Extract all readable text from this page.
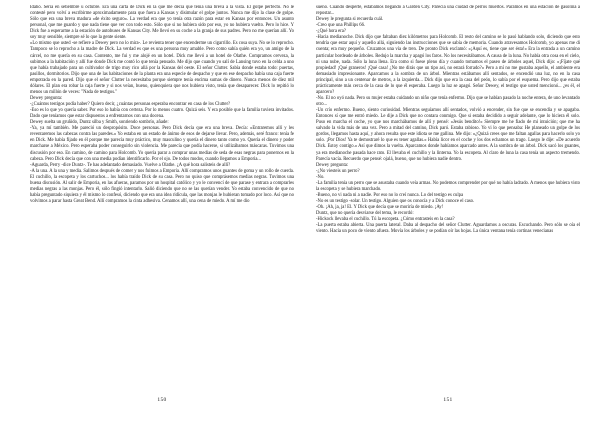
Idaho. Sería en setiembre u octubre. Era una carta de Dick en la que me decía que tenía una breva a la vista. El golpe perfecto. No le contesté pero volví a escribirme aproximadamente para que fuera a Kansas y disimular el golpe juntos. Nunca me dijo la clase de golpe. Sólo que era una breva madura «de éxito seguro». La verdad era que yo tenía otra razón para estar en Kansas por entonces. Un asunto personal, que me guardo y que nada tiene que ver con todo esto. Sólo que si no hubiera sido por eso, yo no hubiera vuelto. Pero lo hice. Y Dick fue a esperarme a la estación de autobuses de Kansas City. Me llevó en su coche a la granja de sus padres. Pero no me querían allí. Yo soy muy sensible, siempre sé lo que la gente siente.

»Lo mismo que usted -se refiere a Dewey pero no lo mira-. Le revienta tener que encenderme un cigarrillo. Es cosa suya. No se lo reprocho. Tampoco se lo reprocho a la madre de Dick. La verdad es que es una persona muy amable. Pero como sabía quién era yo, un amigo de la cárcel, no me quería en su casa. Contento, me fui y me alojé en un hotel. Dick me llevó a un hotel de Olathe. Compramos cerveza, la subimos a la habitación y allí fue donde Dick me contó lo que tenía pensado. Me dijo que cuando yo salí de Lansing tuvo en la celda a uno que había trabajado para un cultivador de trigo muy rico allá por la Kansas del oeste. El señor Clutter. Sabía donde estaba todo: puertas, pasillos, dormitorios. Dijo que una de las habitaciones de la planta era una especie de despacho y que en ese despacho había una caja fuerte empotrada en la pared. Dijo que el señor Clutter la necesitaba porque siempre tenía encima sumas de dinero. Nunca menos de diez mil dólares. El plan era robar la caja fuerte y si nos veían, bueno, quienquiera que nos hubiera visto, tenía que desaparecer. Dick lo repitió lo menos un millón de veces: "Nada de testigos."

Dewey pregunta:

-¿Cuántos testigos podía haber? Quiero decir, ¿cuántas personas esperaba encontrar en casa de los Clutter?

-Eso es lo que yo quería saber. Por eso lo había con certeza. Por lo menos cuatro. Quizá seis. Y era posible que la familia tuviera invitados. Dado que teníamos que estar dispuestos a enfrentarnos con una docena.

Dewey suelta un gruñido, Duntz silba y Smith, sonriendo sombrío, añade:

-Ya, ya mí también. Me pareció un despropósito. Doce personas. Pero Dick decía que era una breva. Decía: «Entraremos allí y les reventaremos las cabezas contra las paredes.» Yo estaba en un estado de ánimo de esos de dejarse llevar. Pero, además, seré franco: tenía fe en Dick. Me había fijado en él porque me parecía muy práctico, muy masculino y quería el dinero tanto como yo. Quería el dinero y poder marcharse a México. Pero esperaba poder conseguirlo sin violencia. Me parecía que podía hacerse, si utilizábamos máscaras. Tuvimos una discusión por eso. En camino, de camino para Holcomb. Yo quería parar a comprar unas medias de seda de esas negras para ponernos en la cabeza. Pero Dick decía que con una media podían identificarlo. Por el ojo. De todos modos, cuando llegamos a Emporia...

-Aguarda, Perry -dice Duntz-. Te has adelantado demasiado. Vuelve a Olathe. ¿A qué hora salisteis de allí?

-A la una. A la una y media. Salimos después de comer y nos fuimos a Emporia. Allí compramos unos guantes de goma y un rollo de cuerda. El cuchillo, la escopeta y los cartuchos... los había traído Dick de su casa. Pero no quiso que comprásemos medias negras. Tuvimos una buena discusión. Al salir de Emporia, en las afueras, paramos por un hospital católico y yo le convencí de que parase y entrara a comprarles medias negras a las monjas. Pero él, sólo fingió intentarlo. Salió diciendo que no se las querían vender. Yo estaba convencido de que no había preguntado siquiera y él mismo lo confesó, diciendo que era una idea ridícula, que las monjas le hubieran tomado por loco. Así que no volvimos a parar hasta Great Bend. Allí compramos la cinta adhesiva. Cenamos allí, una cena de miedo. A mí me dio

150

sueño. Cuando desperté, estábamos llegando a Garden City. Parecía una ciudad de perros muertos. Paramos en una estación de gasolina a repostar...

Dewey le pregunta si recuerda cuál.

-Creo que una Phillips 66.

-¿Qué hora era?

-Hacia medianoche. Dick dijo que faltaban diez kilómetros para Holcomb. El resto del camino se lo pasó hablando solo, diciendo que esto tendría que estar aquí y aquello allá, siguiendo las instrucciones que se sabía de memoria. Cuando atravesamos Holcomb, yo apenas me di cuenta; era muy pequeño. Cruzamos una vía de tren. De pronto Dick exclamó: «¡Aquí es, tiene que ser ésta!» Era la entrada a un camino particular bordeado de árboles. Redujo la marcha y apagó los faros. No los necesitábamos. A causa de la luna. No había otra cosa en el cielo, ni una nube, nada. Sólo la luna llena. Era como si fuese pleno día y cuando tomamos el paseo de árboles aquel, Dick dijo: «¡Fíjate qué propiedad! ¡Qué graneros! ¡Qué casa! ¿No me dirás que un tipo así, no estará forrado?» Pero a mí no me gustaba aquello, el ambiente era demasiado impresionante. Aparcamos a la sombra de un árbol. Mientras estábamos allí sentados, se encendió una luz, no en la casa principal, sino a un centenar de metros, a la izquierda... Dick dijo que era la casa del peón, lo sabía por el esquema. Pero dijo que estaba prácticamente más cerca de la casa de lo que él esperaba. Luego la luz se apagó. Señor Dewey, el testigo que usted mencionó... ¿es él, el aparcero?

-No. El no oyó nada. Pero su mujer estaba cuidando un niño que tenía enfermo. Dijo que se habían pasado la noche entera, de uno levantado otro...

-Un crío enfermo. Bueno, siento curiosidad. Mientras seguíamos allí sentados, volvió a encender, sin fue que se encendía y se apagaba. Entonces sí que me entró miedo. Le dije a Dick que no contara conmigo. Que si estaba decidido a seguir adelante, que lo hiciera él solo. Puso en marcha el coche, yo que nos marchábamos de allí y pensé: «Jesús bendito!» Siempre me he fiado de mi intuición; que me ha salvado la vida más de una vez. Pero a mitad del camino, Dick paró. Estaba rabioso. Yo vi lo que pensaba: He planeado un golpe de los gordos, llegamos hasta aquí, y ahora resulta que este idiota se me gallina. Me dijo: «¿Quizá crees que me faltan agallas para hacerlo solo yo solo. ¡Por Dios! Ya te demostraré lo que es tener agallas.» Había licor en el coche y los dos echamos un trago. Luego le dije: «De acuerdo Dick. Estoy contigo.» Así que dimos la vuelta. Aparcamos donde habíamos aparcado antes. A la sombra de un árbol. Dick sacó los guantes, ya era medianoche pasada hace rato. El llevaba el cuchillo y la linterna. Yo la escopeta. Al claro de luna la casa tenía un aspecto tremendo. Parecía vacía. Recuerdo que pensé: ojalá, bueno, que no hubiera nadie dentro.

Dewey pregunta:

-¿No viesteis un perro?

-No.

-La familia tenía un perro que se asustaba cuando veía armas. No podemos comprender por qué no había ladrado. A menos que hubiera visto la escopeta y se hubiera marchado.

-Bueno, no vi nada ni a nadie. Por eso no lo creí nunca. Lo del testigo es culpa

-No es un testigo -solar. Un testigo. Alguien que os conocía y a Dick conoce el caso.

-Oh. ¡Ah, ja, ja! El. Y Dick que decía que se moriría de miedo. ¡Ay!

Duntz, que no quería desviarse del tema, le recordó:

-Hickock llevaba el cuchillo. Tú la escopeta. ¿Cómo entrasteis en la casa?

-La puerta estaba abierta. Una puerta lateral. Daba al despacho del señor Clutter. Aguardamos a oscuras. Escuchando. Pero sólo se oía el viento. Hacía un poco de viento afuera. Movía los árboles y se podían oír las hojas. La única ventana tenía cortinas venecianas

151
